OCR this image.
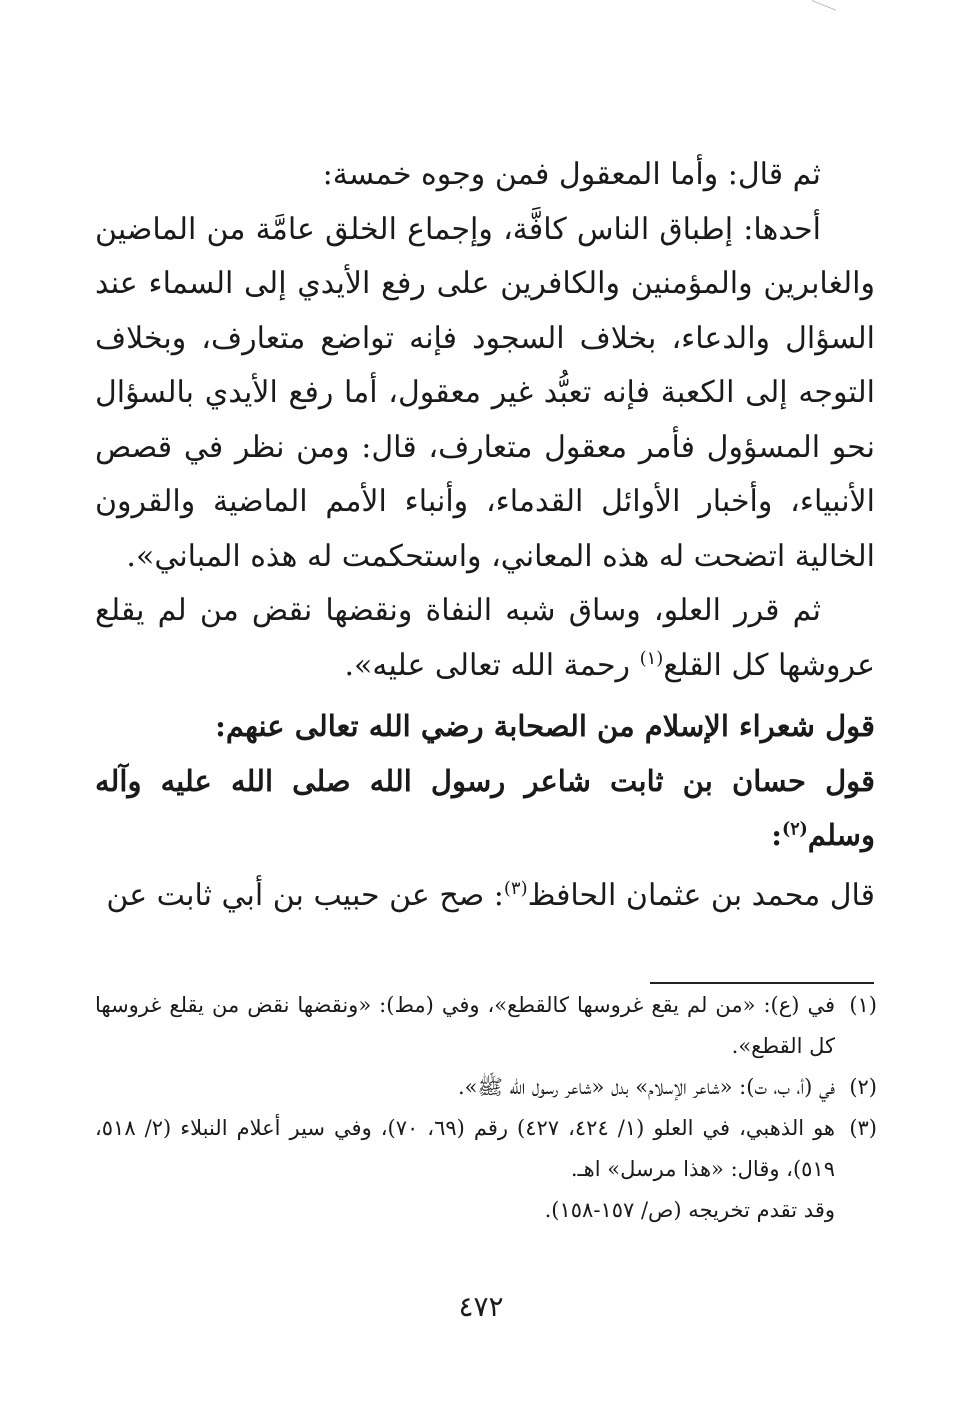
ثم قال: وأما المعقول فمن وجوه خمسة:

أحدها: إطباق الناس كافَّة، وإجماع الخلق عامَّة من الماضين والغابرين والمؤمنين والكافرين على رفع الأيدي إلى السماء عند السؤال والدعاء، بخلاف السجود فإنه تواضع متعارف، وبخلاف التوجه إلى الكعبة فإنه تعبُّد غير معقول، أما رفع الأيدي بالسؤال نحو المسؤول فأمر معقول متعارف، قال: ومن نظر في قصص الأنبياء، وأخبار الأوائل القدماء، وأنباء الأمم الماضية والقرون الخالية اتضحت له هذه المعاني، واستحكمت له هذه المباني».

ثم قرر العلو، وساق شبه النفاة ونقضها نقض من لم يقلع عروشها كل القلع$^{(١)}$ رحمة الله تعالى عليه».

قول شعراء الإسلام من الصحابة رضي الله تعالى عنهم:

قول حسان بن ثابت شاعر رسول الله صلى الله عليه وآله وسلم$^{(٢)}$:

قال محمد بن عثمان الحافظ$^{(٣)}$: صح عن حبيب بن أبي ثابت عن

(١)
في (ع): «من لم يقع غروسها كالقطع»، وفي (مط): «ونقضها نقض من يقلع غروسها كل القطع».
(٢)
في (أ، ب، ت): «شاعر الإسلام» بدل «شاعر رسول الله ﷺ».
(٣)
هو الذهبي، في العلو (١/ ٤٢٤، ٤٢٧) رقم (٦٩، ٧٠)، وفي سير أعلام النبلاء (٢/ ٥١٨، ٥١٩)، وقال: «هذا مرسل» اهـ.
وقد تقدم تخريجه (ص/ ١٥٧-١٥٨).
٤٧٢
